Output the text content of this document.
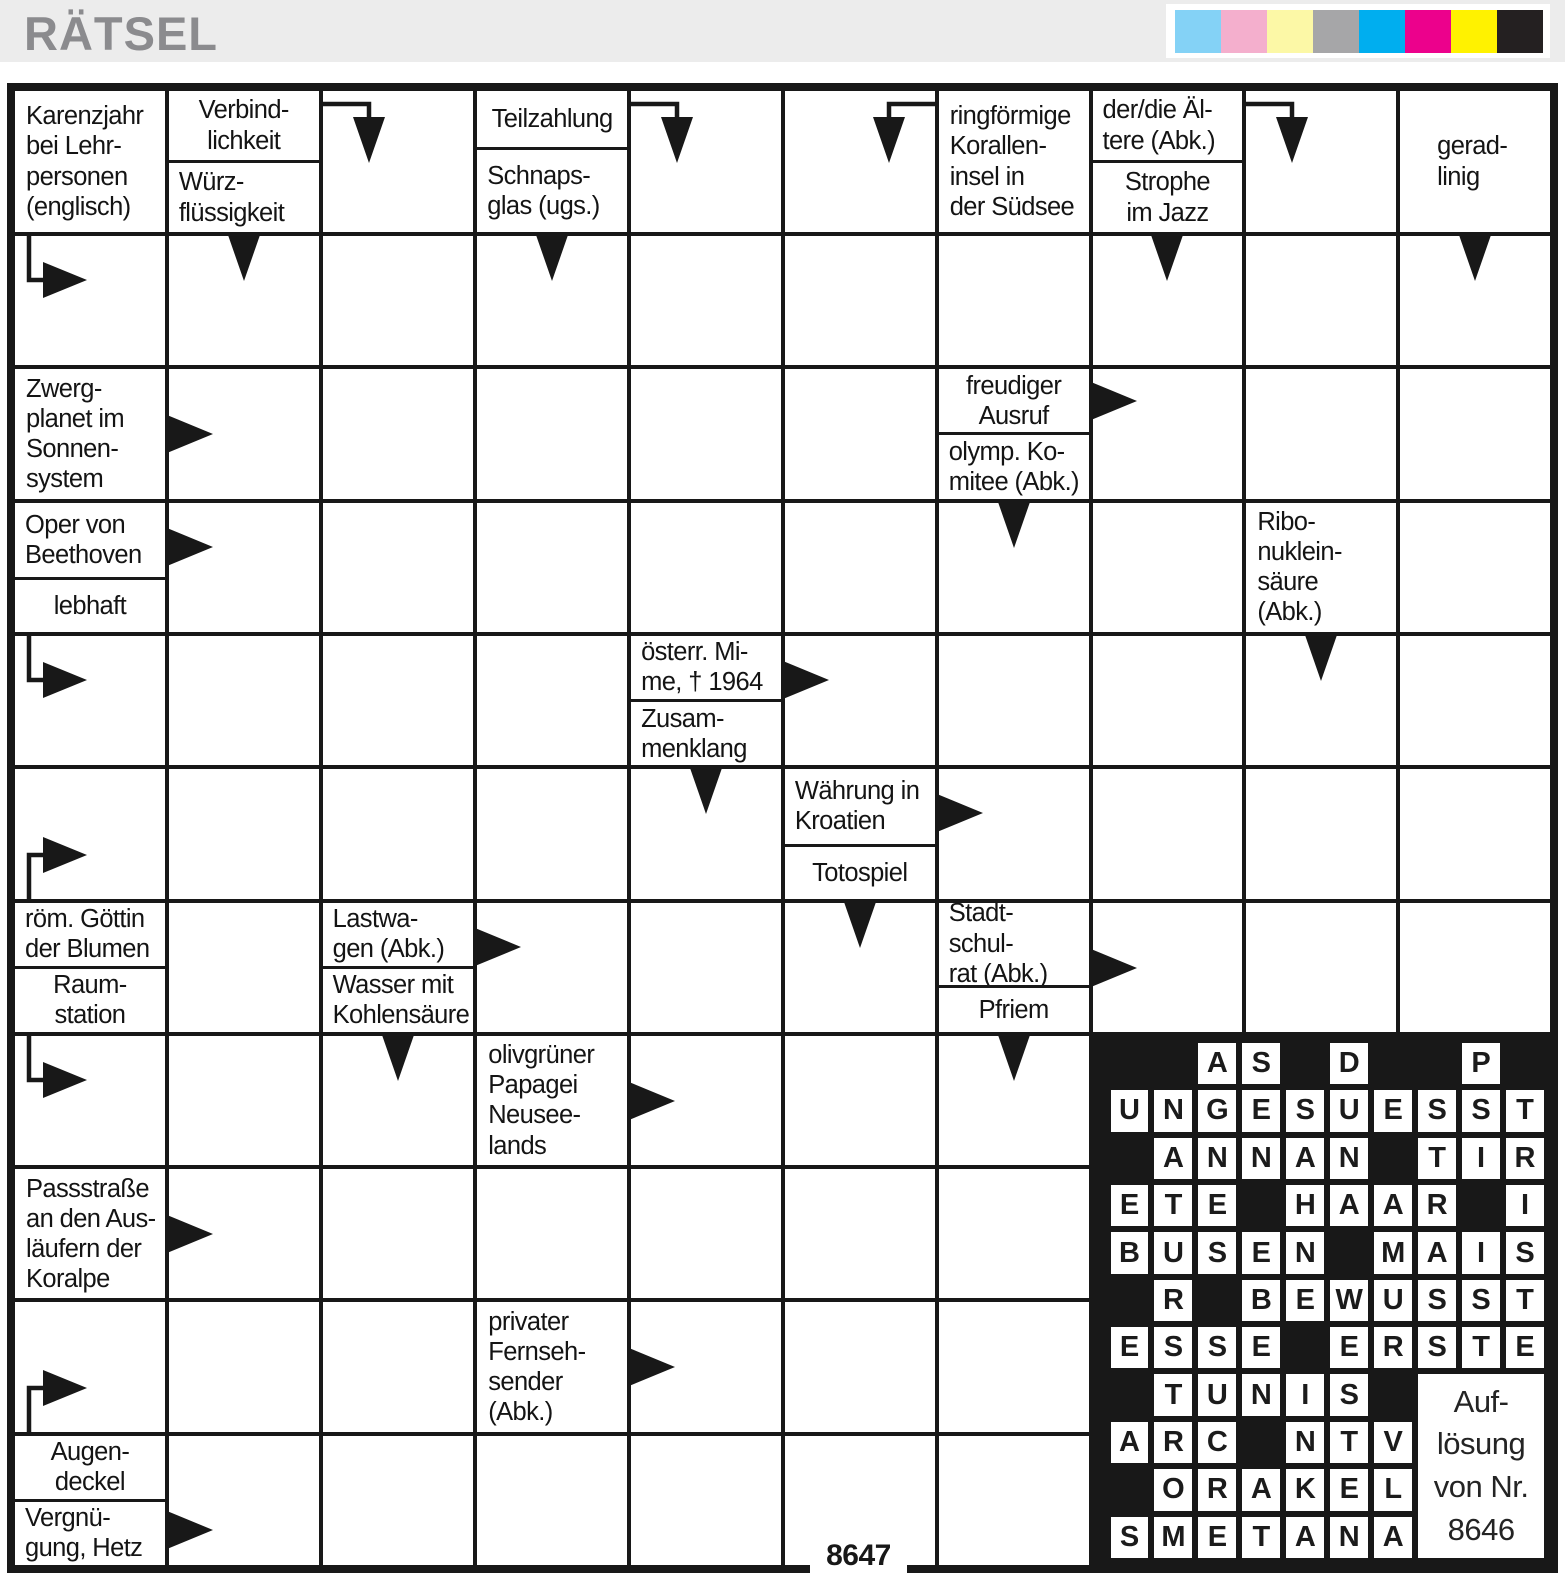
RÄTSEL
Karenzjahr
bei Lehr-
personen
(englisch)
Verbind-
lichkeit
Würz-
flüssigkeit
Teilzahlung
Schnaps-
glas (ugs.)
ringförmige
Korallen-
insel in
der Südsee
der/die Äl-
tere (Abk.)
Strophe
im Jazz
gerad-
linig
Zwerg-
planet im
Sonnen-
system
freudiger
Ausruf
olymp. Ko-
mitee (Abk.)
Oper von
Beethoven
lebhaft
Ribo-
nuklein-
säure
(Abk.)
österr. Mi-
me, † 1964
Zusam-
menklang
Währung in
Kroatien
Totospiel
röm. Göttin
der Blumen
Raum-
station
Lastwa-
gen (Abk.)
Wasser mit
Kohlensäure
Stadt-
schul-
rat (Abk.)
Pfriem
olivgrüner
Papagei
Neusee-
lands
Passstraße
an den Aus-
läufern der
Koralpe
privater
Fernseh-
sender
(Abk.)
Augen-
deckel
Vergnü-
gung, Hetz
A S	D	P
U N G E S U E S S T
A N N A N	T	I	R
E T E	H A A R	I
B U S E N M A	I	S
R B E W U S S T
E S S E	E R S T E
T U N	I	S
A R C N T V
O R A K E L
S M E T A N A
Auf-
lösung
von Nr.
8646
8647
